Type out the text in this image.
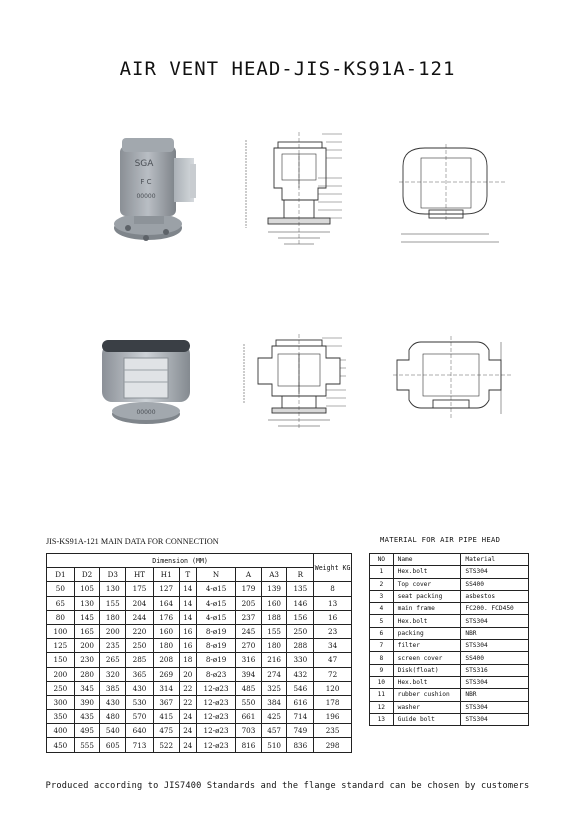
AIR VENT HEAD-JIS-KS91A-121
SGA
F C
00000
00000
JIS-KS91A-121 MAIN DATA FOR CONNECTION	MATERIAL FOR AIR PIPE HEAD
Dimension (MM)										Weight KG
D1	D2	D3	HT	H1	T	N	A	A3	R	
50	105	130	175	127	14	4-ø15	179	139	135	8
65	130	155	204	164	14	4-ø15	205	160	146	13
80	145	180	244	176	14	4-ø15	237	188	156	16
100	165	200	220	160	16	8-ø19	245	155	250	23
125	200	235	250	180	16	8-ø19	270	180	288	34
150	230	265	285	208	18	8-ø19	316	216	330	47
200	280	320	365	269	20	8-ø23	394	274	432	72
250	345	385	430	314	22	12-ø23	485	325	546	120
300	390	430	530	367	22	12-ø23	550	384	616	178
350	435	480	570	415	24	12-ø23	661	425	714	196
400	495	540	640	475	24	12-ø23	703	457	749	235
450	555	605	713	522	24	12-ø23	816	510	836	298
NO	Name	Material
1	Hex.bolt	STS304
2	Top cover	SS400
3	seat packing	asbestos
4	main frame	FC200. FCD450
5	Hex.bolt	STS304
6	packing	NBR
7	filter	STS304
8	screen cover	SS400
9	Disk(float)	STS316
10	Hex.bolt	STS304
11	rubber cushion	NBR
12	washer	STS304
13	Guide bolt	STS304
Produced according to JIS7400 Standards and the flange standard can be chosen by customers
